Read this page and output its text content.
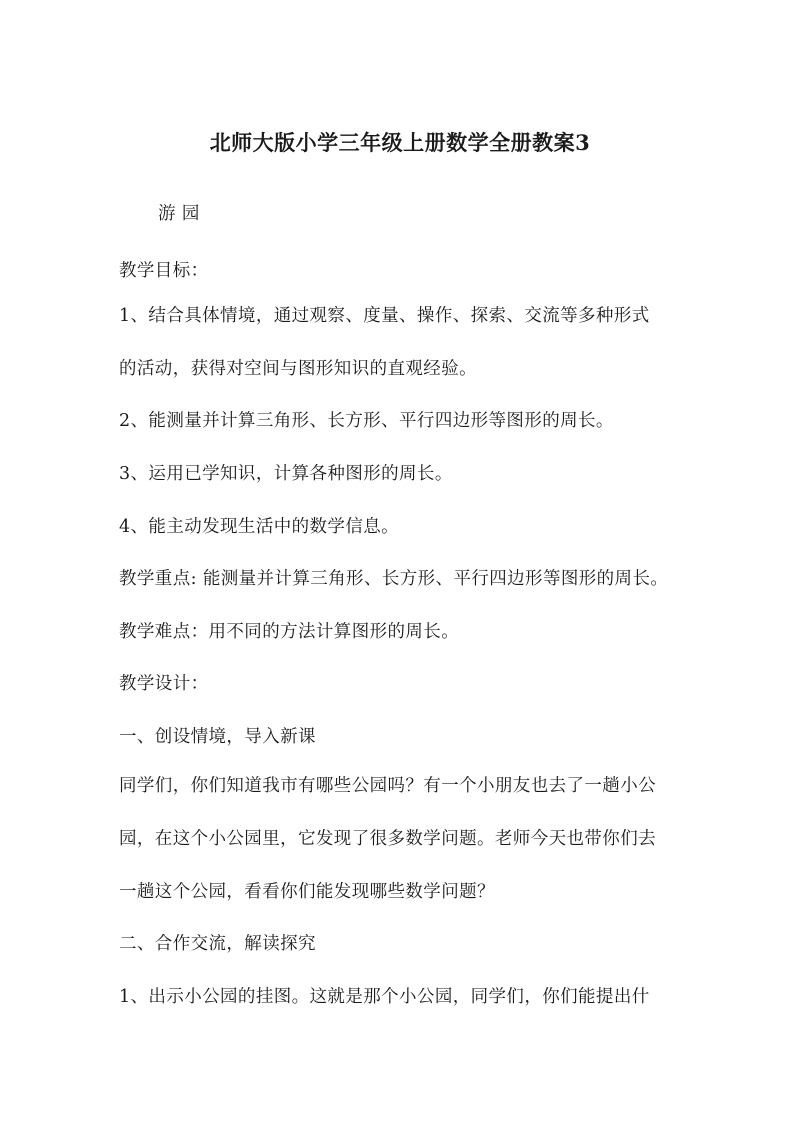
北师大版小学三年级上册数学全册教案3
游 园
教学目标：
1、结合具体情境，通过观察、度量、操作、探索、交流等多种形式
的活动，获得对空间与图形知识的直观经验。
2、能测量并计算三角形、长方形、平行四边形等图形的周长。
3、运用已学知识，计算各种图形的周长。
4、能主动发现生活中的数学信息。
教学重点: 能测量并计算三角形、长方形、平行四边形等图形的周长。
教学难点：用不同的方法计算图形的周长。
教学设计：
一、创设情境，导入新课
同学们，你们知道我市有哪些公园吗？有一个小朋友也去了一趟小公
园，在这个小公园里，它发现了很多数学问题。老师今天也带你们去
一趟这个公园，看看你们能发现哪些数学问题？
二、合作交流，解读探究
1、出示小公园的挂图。这就是那个小公园，同学们，你们能提出什
